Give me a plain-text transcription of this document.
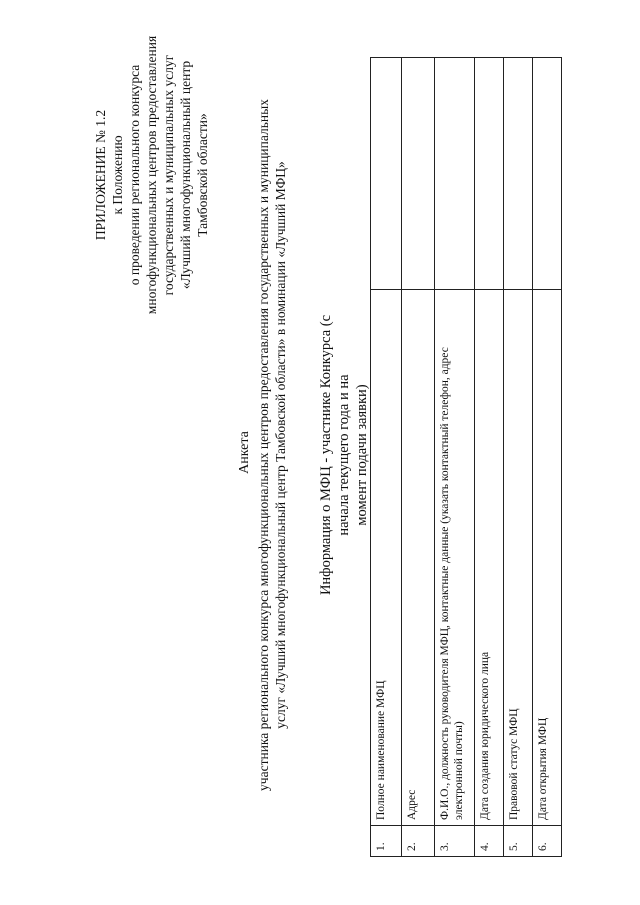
ПРИЛОЖЕНИЕ № 1.2 к Положению о проведении регионального конкурса многофункциональных центров предоставления государственных и муниципальных услуг «Лучший многофункциональный центр Тамбовской области»
Анкета участника регионального конкурса многофункциональных центров предоставления государственных и муниципальных услуг «Лучший многофункциональный центр Тамбовской области» в номинации «Лучший МФЦ» Информация о МФЦ - участнике Конкурса (с начала текущего года и на момент подачи заявки)
1.	Полное наименование МФЦ	
2.	Адрес	
3.	Ф.И.О., должность руководителя МФЦ, контактные данные (указать контактный телефон, адрес электронной почты)	
4.	Дата создания юридического лица	
5.	Правовой статус МФЦ	
6.	Дата открытия МФЦ	
